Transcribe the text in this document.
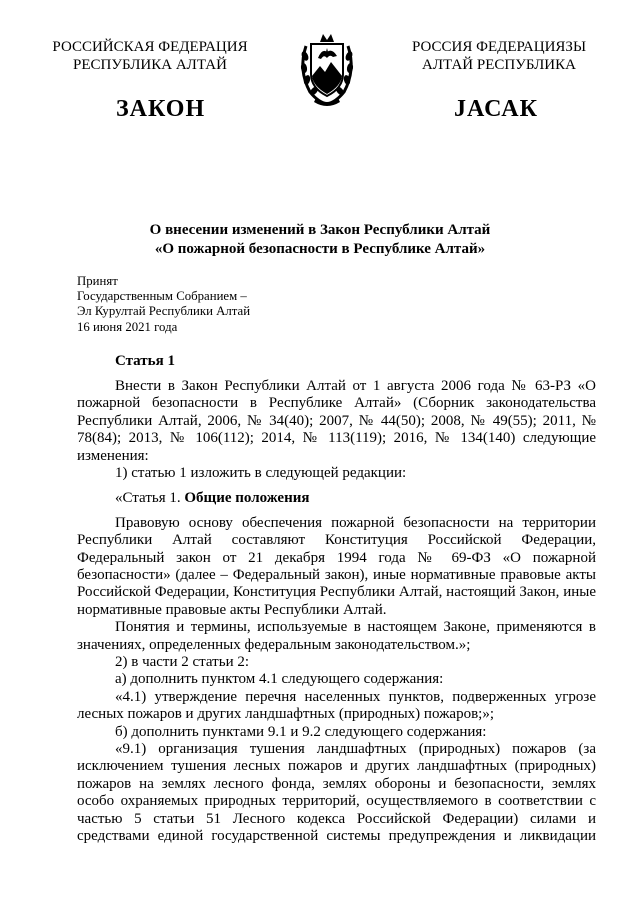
РОССИЙСКАЯ ФЕДЕРАЦИЯ
РЕСПУБЛИКА АЛТАЙ
РОССИЯ ФЕДЕРАЦИЯЗЫ
АЛТАЙ РЕСПУБЛИКА
ЗАКОН	ЈАСАК
О внесении изменений в Закон Республики Алтай
«О пожарной безопасности в Республике Алтай»
Принят
Государственным Собранием –
Эл Курултай Республики Алтай
16 июня 2021 года

Статья 1

Внести в Закон Республики Алтай от 1 августа 2006 года № 63-РЗ «О пожарной безопасности в Республике Алтай» (Сборник законодательства Республики Алтай, 2006, № 34(40); 2007, № 44(50); 2008, № 49(55); 2011, № 78(84); 2013, № 106(112); 2014, № 113(119); 2016, № 134(140) следующие изменения:

1) статью 1 изложить в следующей редакции:

«Статья 1. Общие положения

Правовую основу обеспечения пожарной безопасности на территории Республики Алтай составляют Конституция Российской Федерации, Федеральный закон от 21 декабря 1994 года № 69-ФЗ «О пожарной безопасности» (далее – Федеральный закон), иные нормативные правовые акты Российской Федерации, Конституция Республики Алтай, настоящий Закон, иные нормативные правовые акты Республики Алтай.

Понятия и термины, используемые в настоящем Законе, применяются в значениях, определенных федеральным законодательством.»;

2) в части 2 статьи 2:

а) дополнить пунктом 4.1 следующего содержания:

«4.1) утверждение перечня населенных пунктов, подверженных угрозе лесных пожаров и других ландшафтных (природных) пожаров;»;

б) дополнить пунктами 9.1 и 9.2 следующего содержания:

«9.1) организация тушения ландшафтных (природных) пожаров (за исключением тушения лесных пожаров и других ландшафтных (природных) пожаров на землях лесного фонда, землях обороны и безопасности, землях особо охраняемых природных территорий, осуществляемого в соответствии с частью 5 статьи 51 Лесного кодекса Российской Федерации) силами и средствами единой государственной системы предупреждения и ликвидации
